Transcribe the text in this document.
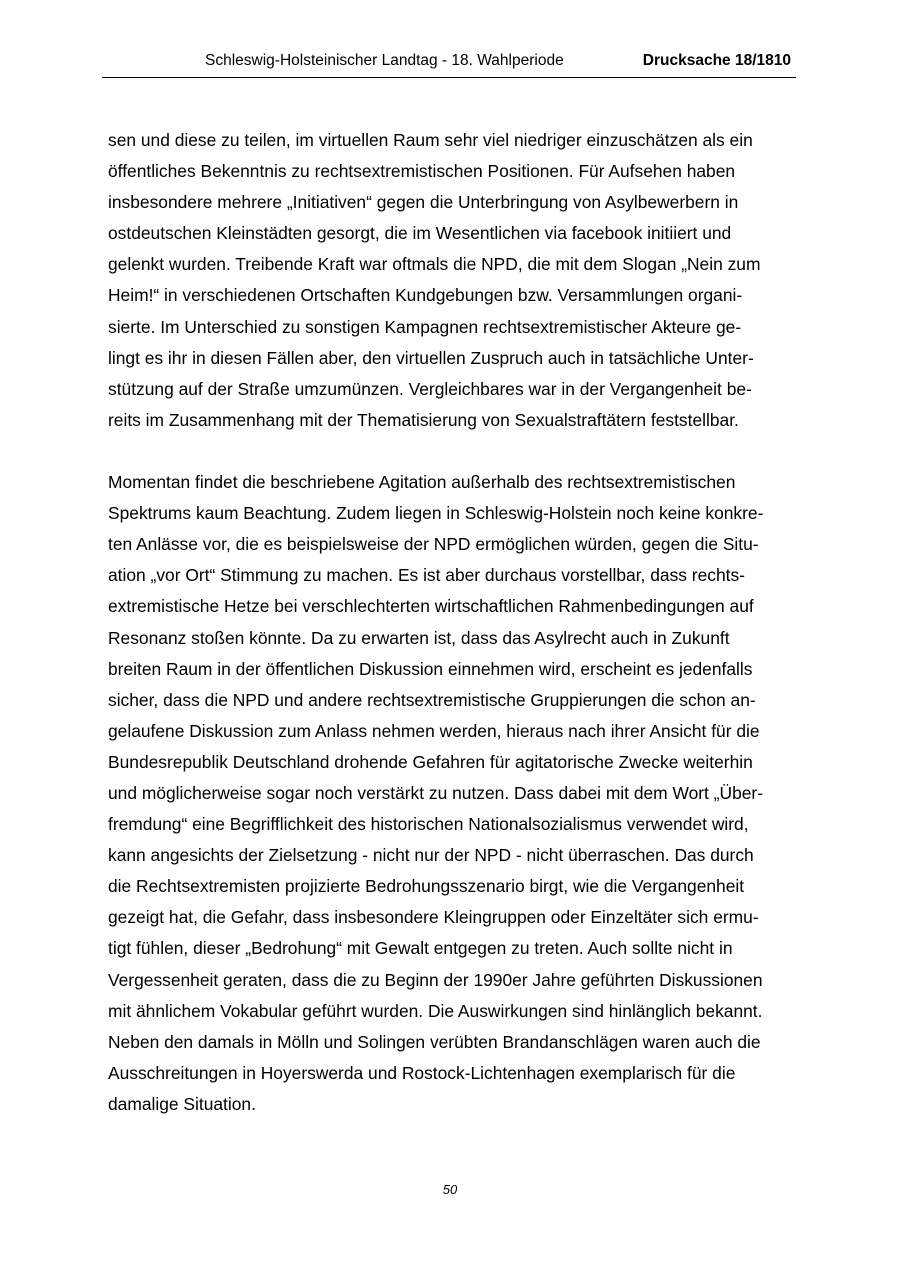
Schleswig-Holsteinischer Landtag - 18. Wahlperiode	Drucksache 18/1810

sen und diese zu teilen, im virtuellen Raum sehr viel niedriger einzuschätzen als ein
öffentliches Bekenntnis zu rechtsextremistischen Positionen. Für Aufsehen haben
insbesondere mehrere „Initiativen“ gegen die Unterbringung von Asylbewerbern in
ostdeutschen Kleinstädten gesorgt, die im Wesentlichen via facebook initiiert und
gelenkt wurden. Treibende Kraft war oftmals die NPD, die mit dem Slogan „Nein zum
Heim!“ in verschiedenen Ortschaften Kundgebungen bzw. Versammlungen organi-
sierte. Im Unterschied zu sonstigen Kampagnen rechtsextremistischer Akteure ge-
lingt es ihr in diesen Fällen aber, den virtuellen Zuspruch auch in tatsächliche Unter-
stützung auf der Straße umzumünzen. Vergleichbares war in der Vergangenheit be-
reits im Zusammenhang mit der Thematisierung von Sexualstraftätern feststellbar.

Momentan findet die beschriebene Agitation außerhalb des rechtsextremistischen
Spektrums kaum Beachtung. Zudem liegen in Schleswig-Holstein noch keine konkre-
ten Anlässe vor, die es beispielsweise der NPD ermöglichen würden, gegen die Situ-
ation „vor Ort“ Stimmung zu machen. Es ist aber durchaus vorstellbar, dass rechts-
extremistische Hetze bei verschlechterten wirtschaftlichen Rahmenbedingungen auf
Resonanz stoßen könnte. Da zu erwarten ist, dass das Asylrecht auch in Zukunft
breiten Raum in der öffentlichen Diskussion einnehmen wird, erscheint es jedenfalls
sicher, dass die NPD und andere rechtsextremistische Gruppierungen die schon an-
gelaufene Diskussion zum Anlass nehmen werden, hieraus nach ihrer Ansicht für die
Bundesrepublik Deutschland drohende Gefahren für agitatorische Zwecke weiterhin
und möglicherweise sogar noch verstärkt zu nutzen. Dass dabei mit dem Wort „Über-
fremdung“ eine Begrifflichkeit des historischen Nationalsozialismus verwendet wird,
kann angesichts der Zielsetzung - nicht nur der NPD - nicht überraschen. Das durch
die Rechtsextremisten projizierte Bedrohungsszenario birgt, wie die Vergangenheit
gezeigt hat, die Gefahr, dass insbesondere Kleingruppen oder Einzeltäter sich ermu-
tigt fühlen, dieser „Bedrohung“ mit Gewalt entgegen zu treten. Auch sollte nicht in
Vergessenheit geraten, dass die zu Beginn der 1990er Jahre geführten Diskussionen
mit ähnlichem Vokabular geführt wurden. Die Auswirkungen sind hinlänglich bekannt.
Neben den damals in Mölln und Solingen verübten Brandanschlägen waren auch die
Ausschreitungen in Hoyerswerda und Rostock-Lichtenhagen exemplarisch für die
damalige Situation.

50
